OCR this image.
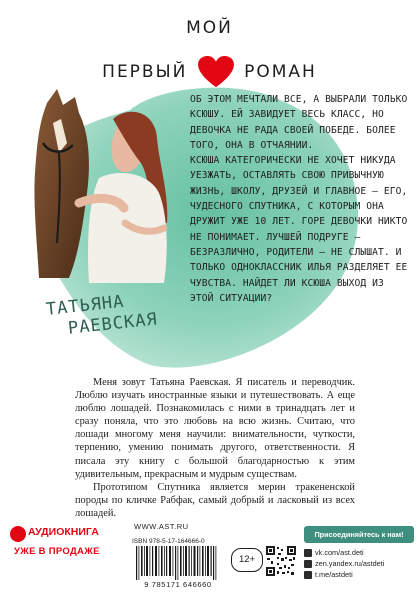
МОЙ
ПЕРВЫЙ	РОМАН
ТАТЬЯНА
РАЕВСКАЯ

ОБ ЭТОМ МЕЧТАЛИ ВСЕ, А ВЫБРАЛИ ТОЛЬКО КСЮШУ. ЕЙ ЗАВИДУЕТ ВЕСЬ КЛАСС, НО ДЕВОЧКА НЕ РАДА СВОЕЙ ПОБЕДЕ. БОЛЕЕ ТОГО, ОНА В ОТЧАЯНИИ.

КСЮША КАТЕГОРИЧЕСКИ НЕ ХОЧЕТ НИКУДА УЕЗЖАТЬ, ОСТАВЛЯТЬ СВОЮ ПРИВЫЧНУЮ ЖИЗНЬ, ШКОЛУ, ДРУЗЕЙ И ГЛАВНОЕ — ЕГО, ЧУДЕСНОГО СПУТНИКА, С КОТОРЫМ ОНА ДРУЖИТ УЖЕ 10 ЛЕТ. ГОРЕ ДЕВОЧКИ НИКТО НЕ ПОНИМАЕТ. ЛУЧШЕЙ ПОДРУГЕ — БЕЗРАЗЛИЧНО, РОДИТЕЛИ — НЕ СЛЫШАТ. И ТОЛЬКО ОДНОКЛАССНИК ИЛЬЯ РАЗДЕЛЯЕТ ЕЕ ЧУВСТВА. НАЙДЕТ ЛИ КСЮША ВЫХОД ИЗ ЭТОЙ СИТУАЦИИ?

Меня зовут Татьяна Раевская. Я писатель и переводчик. Люблю изучать иностранные языки и путешествовать. А еще люблю лошадей. Познакомилась с ними в тринадцать лет и сразу поняла, что это любовь на всю жизнь. Считаю, что лошади многому меня научили: внимательности, чуткости, терпению, умению понимать другого, ответственности. Я писала эту книгу с большой благодарностью к этим удивительным, прекрасным и мудрым существам.

Прототипом Спутника является мерин тракененской породы по кличке Рабфак, самый добрый и ласковый из всех лошадей.

АУДИОКНИГА
УЖЕ В ПРОДАЖЕ
WWW.AST.RU
ISBN 978-5-17-164666-0
9 785171 646660
12+
Присоединяйтесь к нам!
vk.com/ast.deti
zen.yandex.ru/astdeti
t.me/astdeti
